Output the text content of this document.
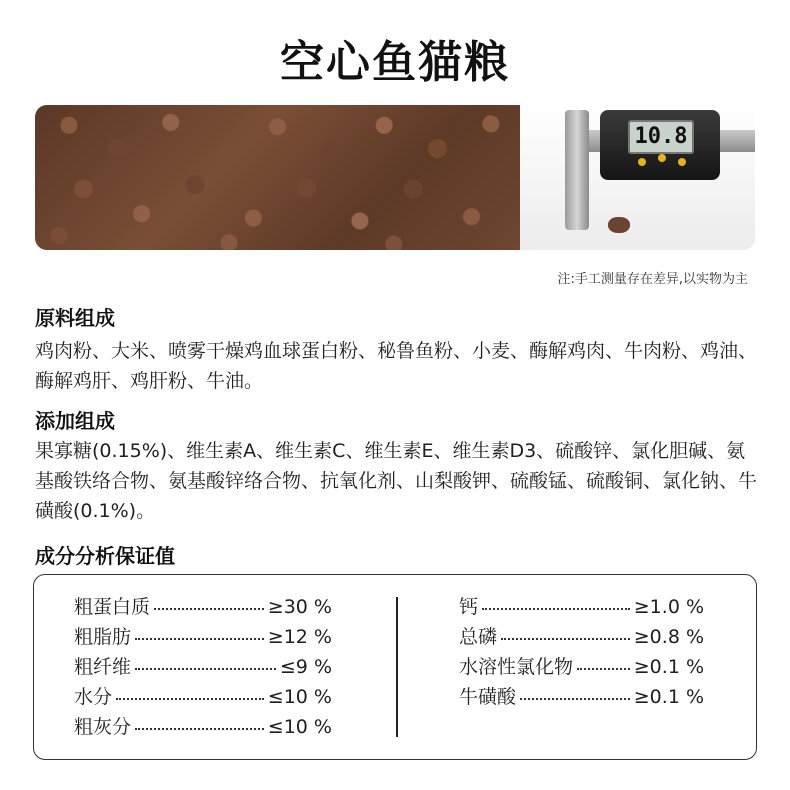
空心鱼猫粮
10.8
注:手工测量存在差异,以实物为主
原料组成
鸡肉粉、大米、喷雾干燥鸡血球蛋白粉、秘鲁鱼粉、小麦、酶解鸡肉、牛肉粉、鸡油、酶解鸡肝、鸡肝粉、牛油。
添加组成
果寡糖(0.15%)、维生素A、维生素C、维生素E、维生素D3、硫酸锌、氯化胆碱、氨基酸铁络合物、氨基酸锌络合物、抗氧化剂、山梨酸钾、硫酸锰、硫酸铜、氯化钠、牛磺酸(0.1%)。
成分分析保证值
粗蛋白质	≥30 %
粗脂肪	≥12 %
粗纤维	≤9 %
水分	≤10 %
粗灰分	≤10 %
钙	≥1.0 %
总磷	≥0.8 %
水溶性氯化物	≥0.1 %
牛磺酸	≥0.1 %
